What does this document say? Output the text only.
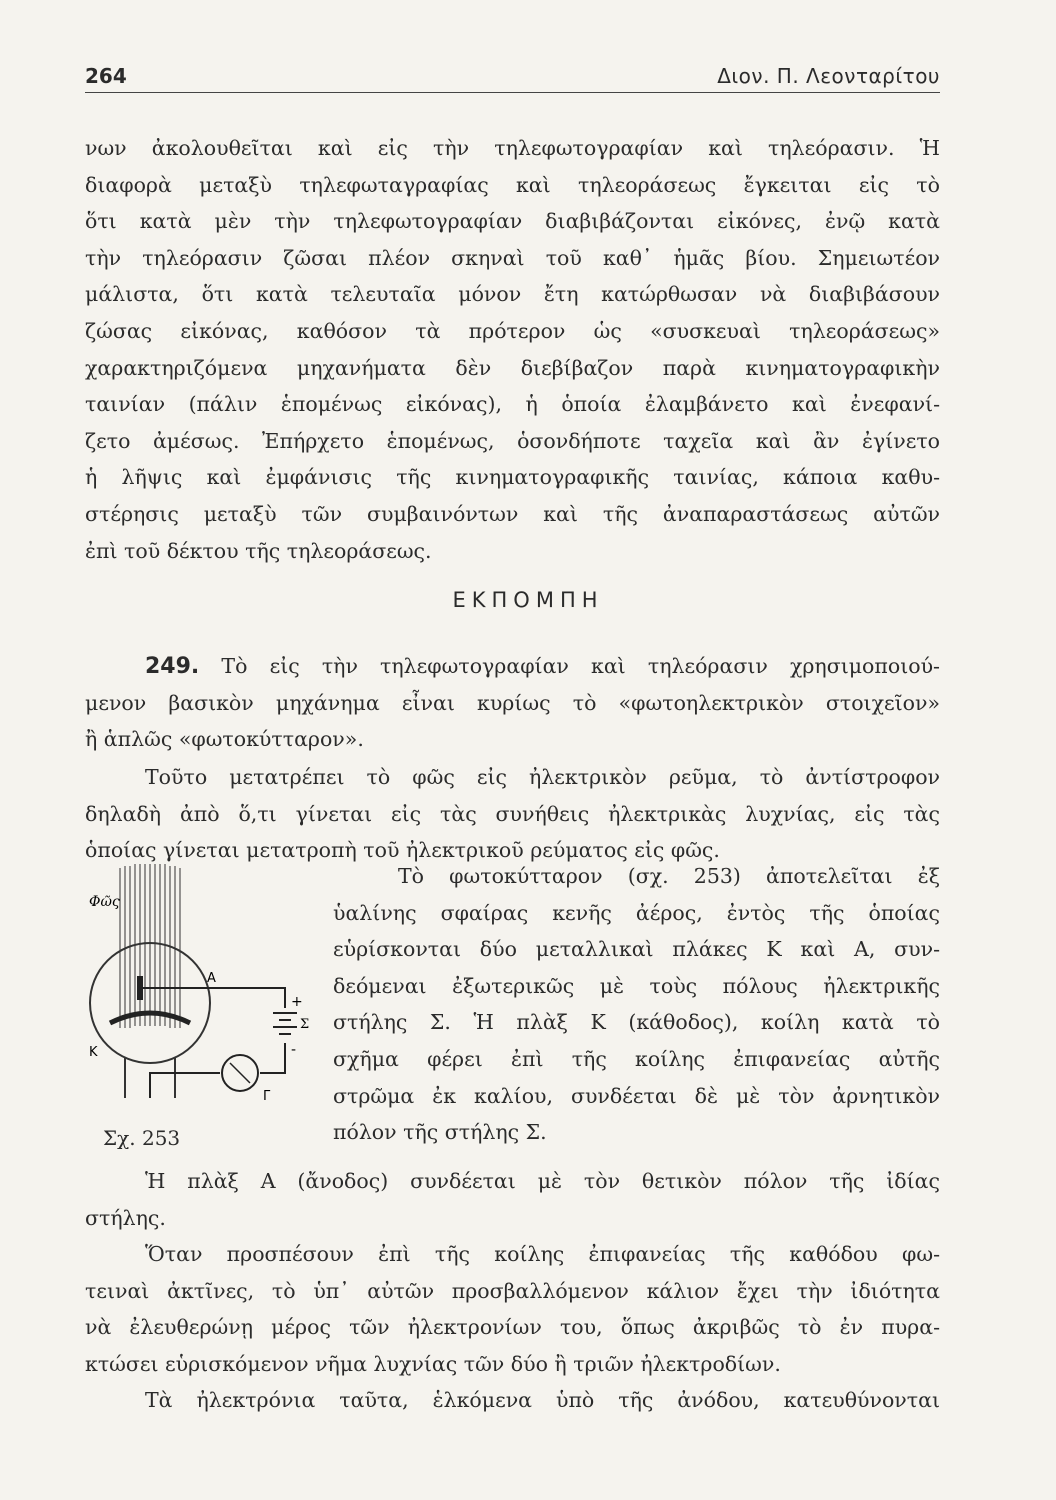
264	Διον. Π. Λεονταρίτου
νων ἀκολουθεῖται καὶ εἰς τὴν τηλεφωτογραφίαν καὶ τηλεόρασιν. Ἡ
διαφορὰ μεταξὺ τηλεφωταγραφίας καὶ τηλεοράσεως ἔγκειται εἰς τὸ
ὅτι κατὰ μὲν τὴν τηλεφωτογραφίαν διαβιβάζονται εἰκόνες, ἐνῷ κατὰ
τὴν τηλεόρασιν ζῶσαι πλέον σκηναὶ τοῦ καθ᾽ ἡμᾶς βίου. Σημειωτέον
μάλιστα, ὅτι κατὰ τελευταῖα μόνον ἔτη κατώρθωσαν νὰ διαβιβάσουν
ζώσας εἰκόνας, καθόσον τὰ πρότερον ὡς «συσκευαὶ τηλεοράσεως»
χαρακτηριζόμενα μηχανήματα δὲν διεβίβαζον παρὰ κινηματογραφικὴν
ταινίαν (πάλιν ἑπομένως εἰκόνας), ἡ ὁποία ἐλαμβάνετο καὶ ἐνεφανί-
ζετο ἀμέσως. Ἐπήρχετο ἑπομένως, ὁσονδήποτε ταχεῖα καὶ ἂν ἐγίνετο
ἡ λῆψις καὶ ἐμφάνισις τῆς κινηματογραφικῆς ταινίας, κάποια καθυ-
στέρησις μεταξὺ τῶν συμβαινόντων καὶ τῆς ἀναπαραστάσεως αὐτῶν
ἐπὶ τοῦ δέκτου τῆς τηλεοράσεως.
ΕΚΠΟΜΠΗ
249. Τὸ εἰς τὴν τηλεφωτογραφίαν καὶ τηλεόρασιν χρησιμοποιού-
μενον βασικὸν μηχάνημα εἶναι κυρίως τὸ «φωτοηλεκτρικὸν στοιχεῖον»
ἢ ἁπλῶς «φωτοκύτταρον».
Τοῦτο μετατρέπει τὸ φῶς εἰς ἠλεκτρικὸν ρεῦμα, τὸ ἀντίστροφον
δηλαδὴ ἀπὸ ὅ,τι γίνεται εἰς τὰς συνήθεις ἠλεκτρικὰς λυχνίας, εἰς τὰς
ὁποίας γίνεται μετατροπὴ τοῦ ἠλεκτρικοῦ ρεύματος εἰς φῶς.
Φῶς
Α
Κ
+
-
Σ
Γ
Σχ. 253
Τὸ φωτοκύτταρον (σχ. 253) ἀποτελεῖται ἐξ
ὑαλίνης σφαίρας κενῆς ἀέρος, ἐντὸς τῆς ὁποίας
εὑρίσκονται δύο μεταλλικαὶ πλάκες Κ καὶ Α, συν-
δεόμεναι ἐξωτερικῶς μὲ τοὺς πόλους ἠλεκτρικῆς
στήλης Σ. Ἡ πλὰξ Κ (κάθοδος), κοίλη κατὰ τὸ
σχῆμα φέρει ἐπὶ τῆς κοίλης ἐπιφανείας αὐτῆς
στρῶμα ἐκ καλίου, συνδέεται δὲ μὲ τὸν ἀρνητικὸν
πόλον τῆς στήλης Σ.
Ἡ πλὰξ Α (ἄνοδος) συνδέεται μὲ τὸν θετικὸν πόλον τῆς ἰδίας
στήλης.
Ὅταν προσπέσουν ἐπὶ τῆς κοίλης ἐπιφανείας τῆς καθόδου φω-
τειναὶ ἀκτῖνες, τὸ ὑπ᾽ αὐτῶν προσβαλλόμενον κάλιον ἔχει τὴν ἰδιότητα
νὰ ἐλευθερώνῃ μέρος τῶν ἠλεκτρονίων του, ὅπως ἀκριβῶς τὸ ἐν πυρα-
κτώσει εὑρισκόμενον νῆμα λυχνίας τῶν δύο ἢ τριῶν ἠλεκτροδίων.
Τὰ ἠλεκτρόνια ταῦτα, ἑλκόμενα ὑπὸ τῆς ἀνόδου, κατευθύνονται
